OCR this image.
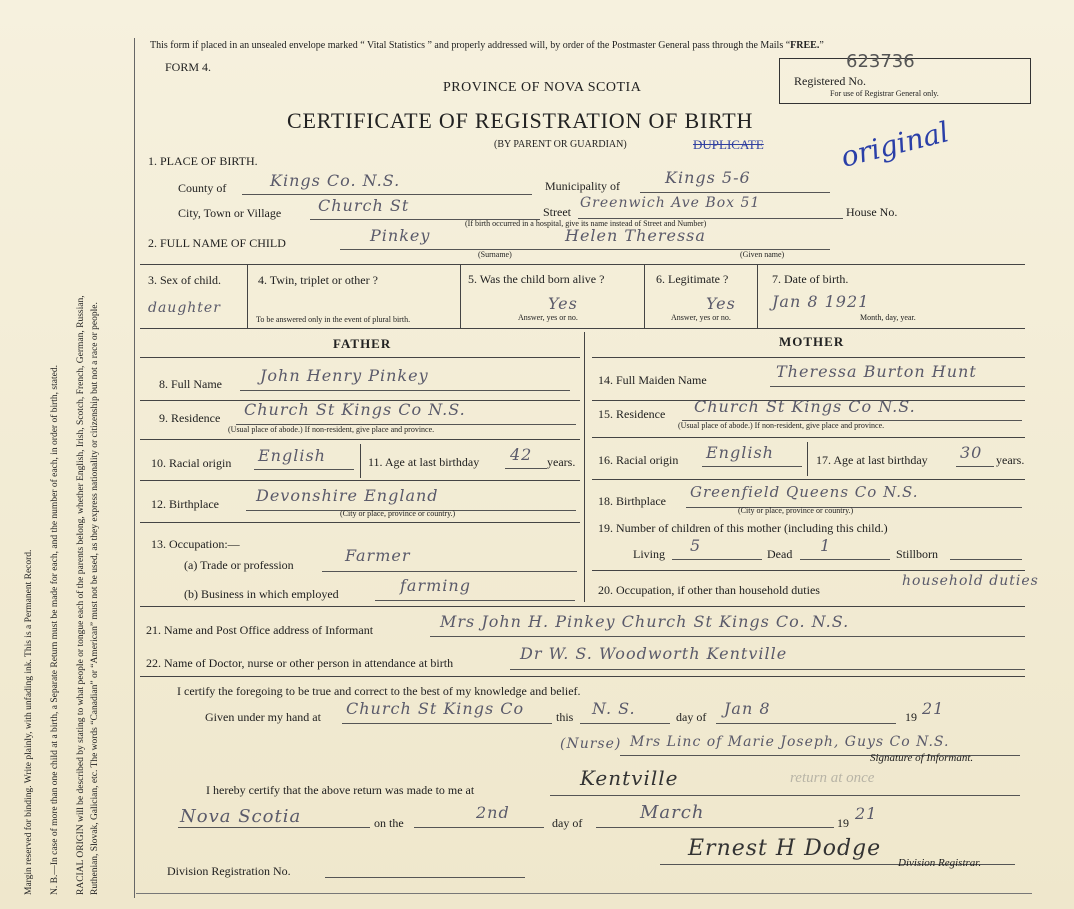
Margin reserved for binding. Write plainly, with unfading ink. This is a Permanent Record. N. B.—In case of more than one child at a birth, a Separate Return must be made for each, and the number of each, in order of birth, stated. RACIAL ORIGIN will be described by stating to what people or tongue each of the parents belong, whether English, Irish, Scotch, French, German, Russian, Ruthenian, Slovak, Galician, etc. The words “Canadian” or “American” must not be used, as they express nationality or citizenship but not a race or people.
This form if placed in an unsealed envelope marked “ Vital Statistics ” and properly addressed will, by order of the Postmaster General pass through the Mails “FREE.”
FORM 4.
PROVINCE OF NOVA SCOTIA
CERTIFICATE OF REGISTRATION OF BIRTH
(BY PARENT OR GUARDIAN)	DUPLICATE	original
623736
Registered No.
For use of Registrar General only.
1. PLACE OF BIRTH.
County of	Kings Co. N.S.	Municipality of	Kings 5-6
City, Town or Village Church St	Street
Greenwich Ave Box 51
House No.
(If birth occurred in a hospital, give its name instead of Street and Number)
2. FULL NAME OF CHILD	Pinkey
(Surname)
Helen Theressa
(Given name)
3. Sex of child.
daughter
4. Twin, triplet or other ?
To be answered only in the event of plural birth.
5. Was the child born alive ?
Yes
Answer, yes or no.
6. Legitimate ?
Yes
Answer, yes or no.
7. Date of birth.
Jan 8 1921
Month, day, year.
FATHER	MOTHER
8. Full Name John Henry Pinkey
9. Residence Church St Kings Co N.S.
(Usual place of abode.) If non-resident, give place and province.
10. Racial origin English	11. Age at last birthday 42 years.
12. Birthplace Devonshire England
(City or place, province or country.)
13. Occupation:—
(a) Trade or profession	Farmer
(b) Business in which employed	farming
14. Full Maiden Name	Theressa Burton Hunt
15. Residence Church St Kings Co N.S.
(Usual place of abode.) If non-resident, give place and province.
16. Racial origin English	17. Age at last birthday 30 years.
18. Birthplace Greenfield Queens Co N.S.
(City or place, province or country.)
19. Number of children of this mother (including this child.)
Living 5	Dead 1	Stillborn
20. Occupation, if other than household duties
household duties
21. Name and Post Office address of Informant	Mrs John H. Pinkey Church St Kings Co. N.S.
22. Name of Doctor, nurse or other person in attendance at birth	Dr W. S. Woodworth Kentville
I certify the foregoing to be true and correct to the best of my knowledge and belief.
Given under my hand at Church St Kings Co	this N. S.	day of Jan 8	19 21
(Nurse) Mrs Linc of Marie Joseph, Guys Co N.S.
Signature of Informant.
I hereby certify that the above return was made to me at	Kentville	return at once
Nova Scotia	on the
2nd
day of	March	19 21
Ernest H Dodge
Division Registrar.
Division Registration No.
